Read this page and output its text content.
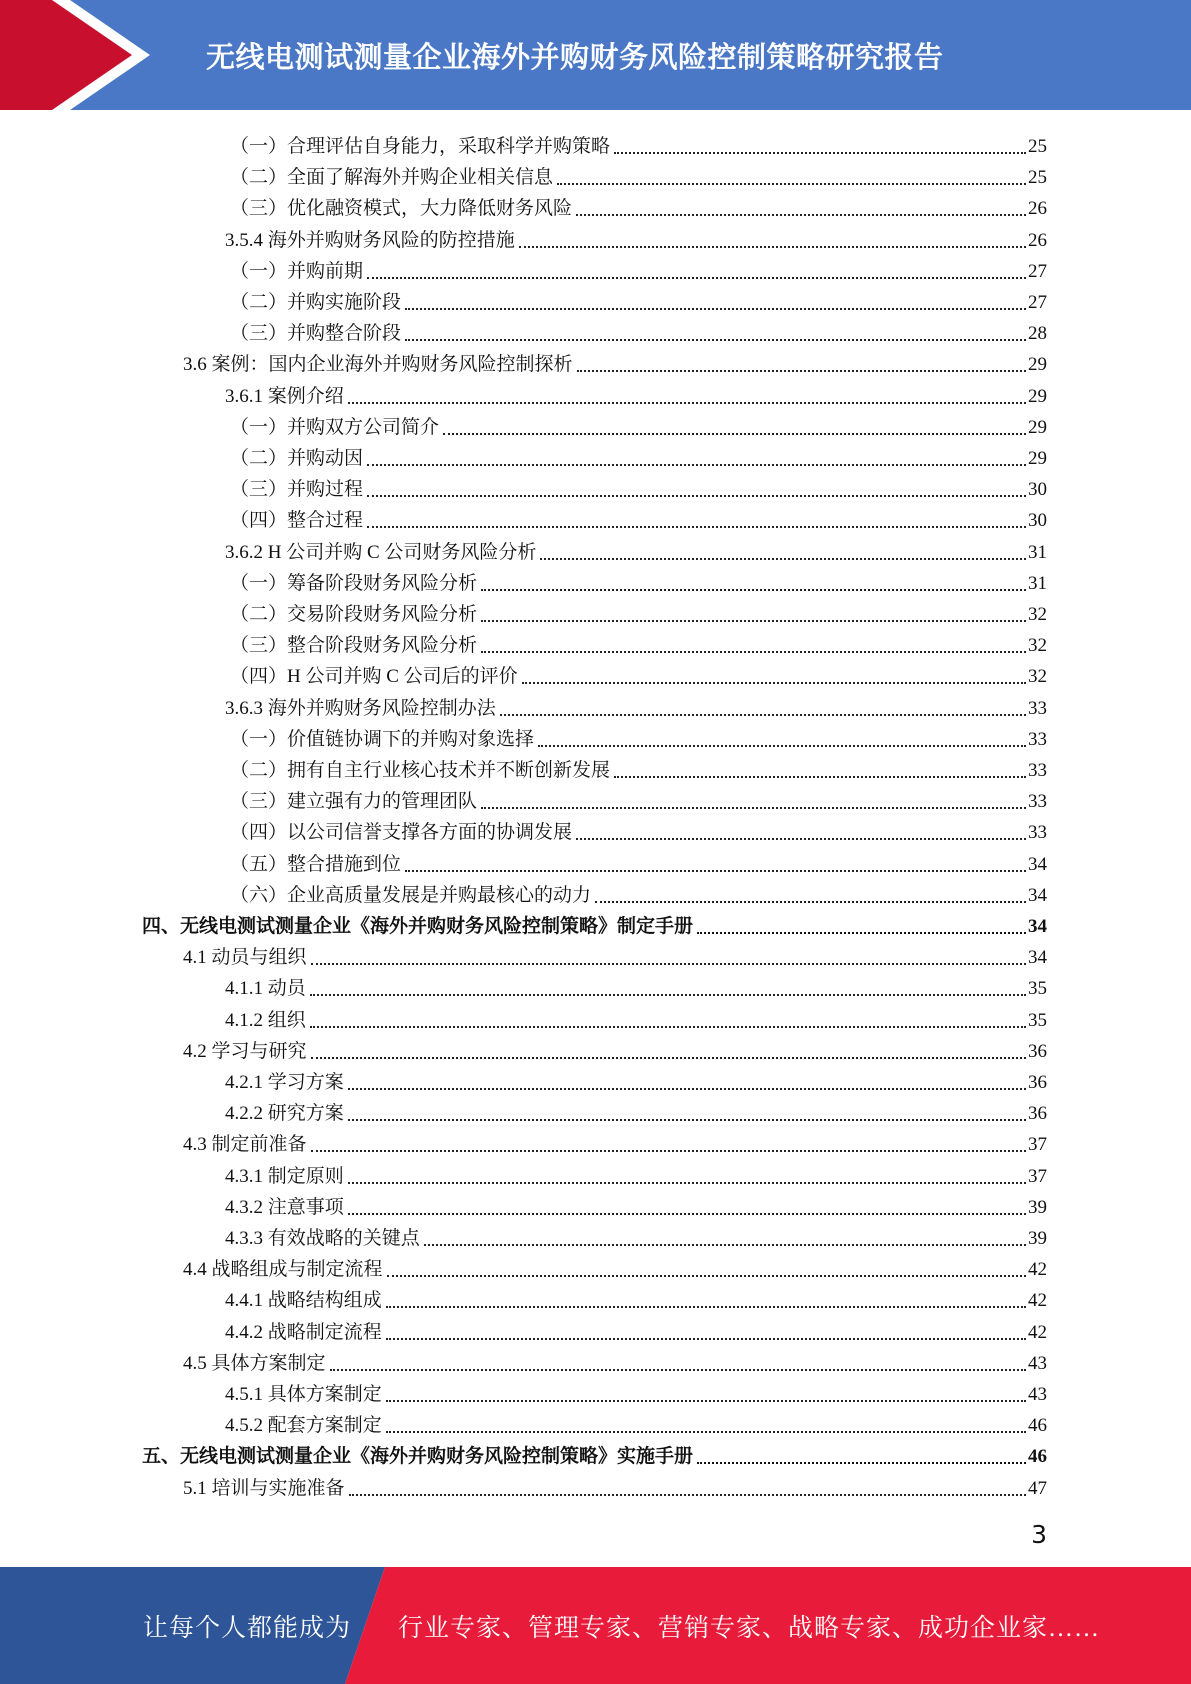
无线电测试测量企业海外并购财务风险控制策略研究报告
（一）合理评估自身能力，采取科学并购策略	25
（二）全面了解海外并购企业相关信息	25
（三）优化融资模式，大力降低财务风险	26
3.5.4 海外并购财务风险的防控措施	26
（一）并购前期	27
（二）并购实施阶段	27
（三）并购整合阶段	28
3.6 案例：国内企业海外并购财务风险控制探析	29
3.6.1 案例介绍	29
（一）并购双方公司简介	29
（二）并购动因	29
（三）并购过程	30
（四）整合过程	30
3.6.2 H 公司并购 C 公司财务风险分析	31
（一）筹备阶段财务风险分析	31
（二）交易阶段财务风险分析	32
（三）整合阶段财务风险分析	32
（四）H 公司并购 C 公司后的评价	32
3.6.3 海外并购财务风险控制办法	33
（一）价值链协调下的并购对象选择	33
（二）拥有自主行业核心技术并不断创新发展	33
（三）建立强有力的管理团队	33
（四）以公司信誉支撑各方面的协调发展	33
（五）整合措施到位	34
（六）企业高质量发展是并购最核心的动力	34
四、无线电测试测量企业《海外并购财务风险控制策略》制定手册	34
4.1 动员与组织	34
4.1.1 动员	35
4.1.2 组织	35
4.2 学习与研究	36
4.2.1 学习方案	36
4.2.2 研究方案	36
4.3 制定前准备	37
4.3.1 制定原则	37
4.3.2 注意事项	39
4.3.3 有效战略的关键点	39
4.4 战略组成与制定流程	42
4.4.1 战略结构组成	42
4.4.2 战略制定流程	42
4.5 具体方案制定	43
4.5.1 具体方案制定	43
4.5.2 配套方案制定	46
五、无线电测试测量企业《海外并购财务风险控制策略》实施手册	46
5.1 培训与实施准备	47
3
让每个人都能成为 行业专家、管理专家、营销专家、战略专家、成功企业家……
